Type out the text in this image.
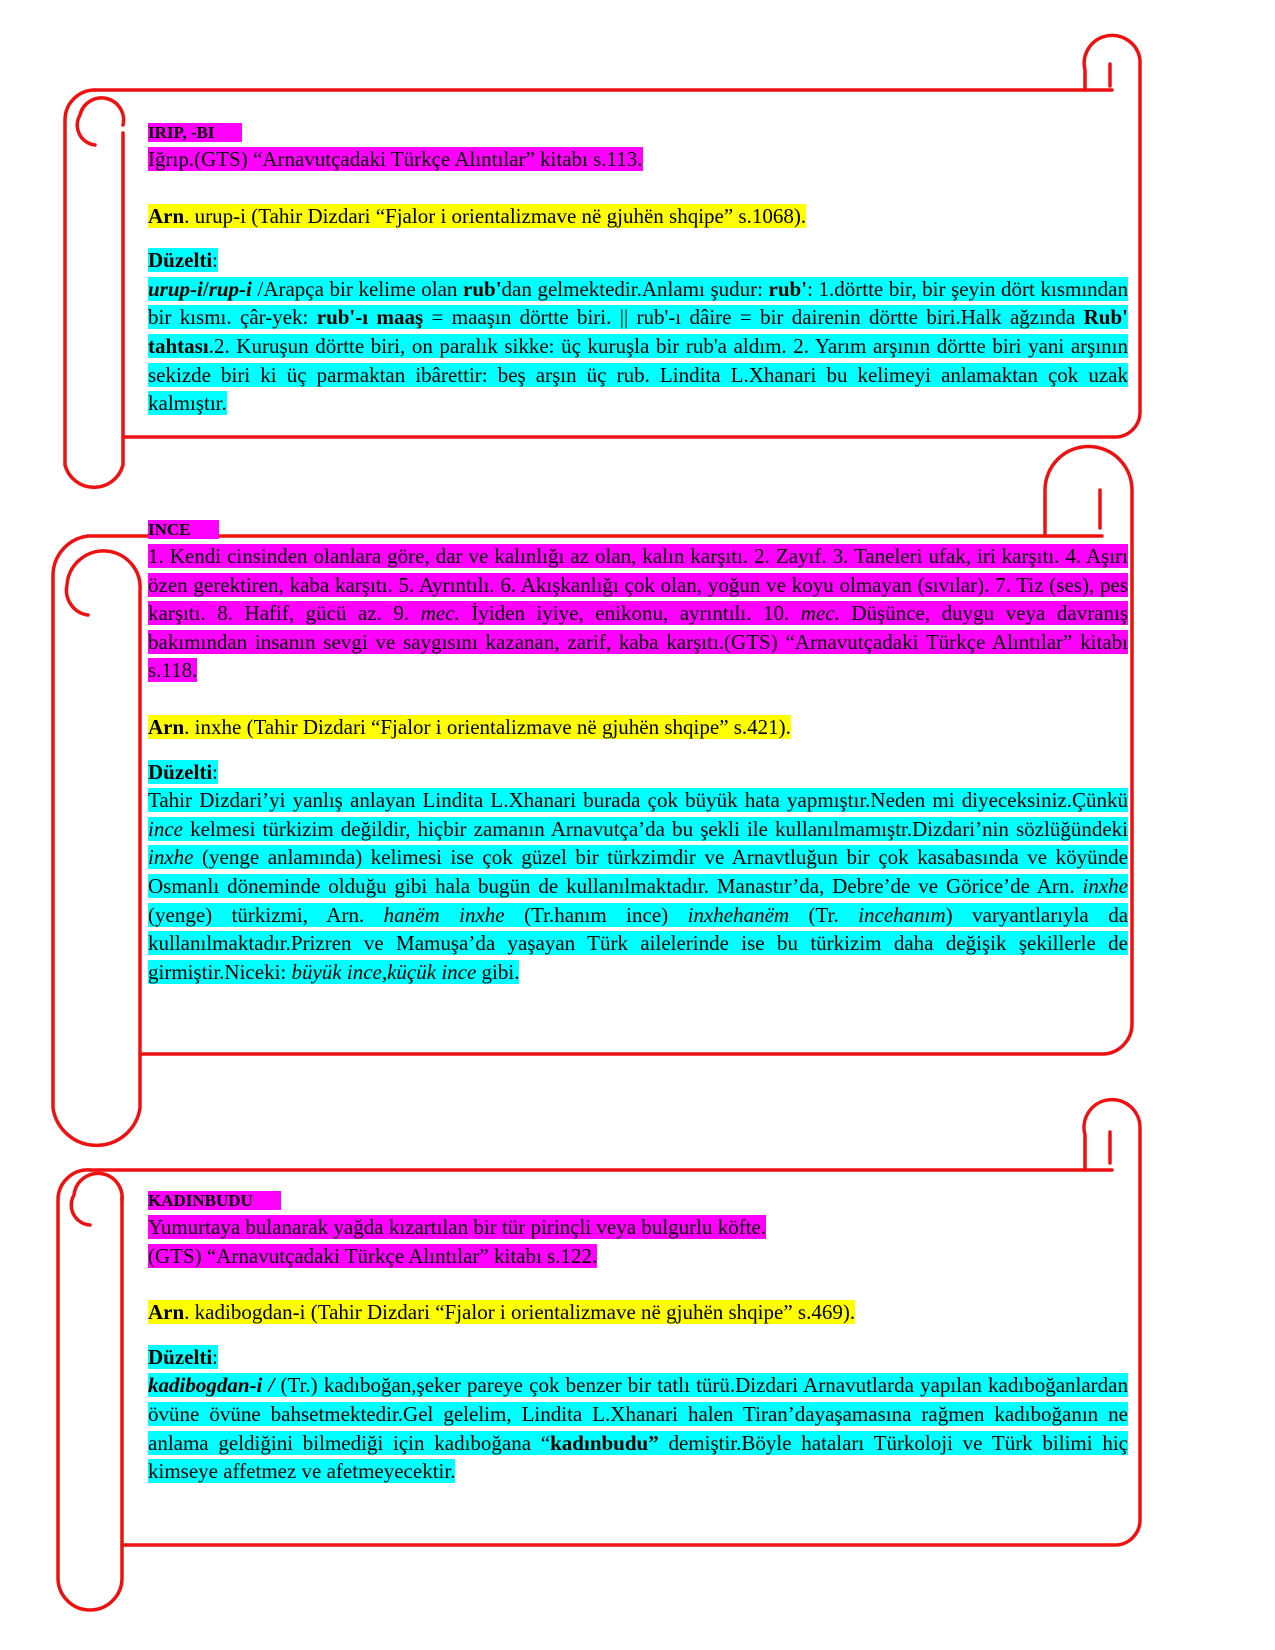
IRIP, -BI

Iğrıp.(GTS) “Arnavutçadaki Türkçe Alıntılar” kitabı s.113.

Arn. urup-i (Tahir Dizdari “Fjalor i orientalizmave në gjuhën shqipe” s.1068).

Düzelti:

urup-i/rup-i /Arapça bir kelime olan rub'dan gelmektedir.Anlamı şudur: rub': 1.dörtte bir, bir şeyin dört kısmından bir kısmı. çâr-yek: rub'-ı maaş = maaşın dörtte biri. || rub'-ı dâire = bir dairenin dörtte biri.Halk ağzında Rub' tahtası.2. Kuruşun dörtte biri, on paralık sikke: üç kuruşla bir rub'a aldım. 2. Yarım arşının dörtte biri yani arşının sekizde biri ki üç parmaktan ibârettir: beş arşın üç rub. Lindita L.Xhanari bu kelimeyi anlamaktan çok uzak kalmıştır.

INCE

1. Kendi cinsinden olanlara göre, dar ve kalınlığı az olan, kalın karşıtı. 2. Zayıf. 3. Taneleri ufak, iri karşıtı. 4. Aşırı özen gerektiren, kaba karşıtı. 5. Ayrıntılı. 6. Akışkanlığı çok olan, yoğun ve koyu olmayan (sıvılar). 7. Tiz (ses), pes karşıtı. 8. Hafif, gücü az. 9. mec. İyiden iyiye, enikonu, ayrıntılı. 10. mec. Düşünce, duygu veya davranış bakımından insanın sevgi ve saygısını kazanan, zarif, kaba karşıtı.(GTS) “Arnavutçadaki Türkçe Alıntılar” kitabı s.118.

Arn. inxhe (Tahir Dizdari “Fjalor i orientalizmave në gjuhën shqipe” s.421).

Düzelti:

Tahir Dizdari’yi yanlış anlayan Lindita L.Xhanari burada çok büyük hata yapmıştır.Neden mi diyeceksiniz.Çünkü ince kelmesi türkizim değildir, hiçbir zamanın Arnavutça’da bu şekli ile kullanılmamıştr.Dizdari’nin sözlüğündeki inxhe (yenge anlamında) kelimesi ise çok güzel bir türkzimdir ve Arnavtluğun bir çok kasabasında ve köyünde Osmanlı döneminde olduğu gibi hala bugün de kullanılmaktadır. Manastır’da, Debre’de ve Görice’de Arn. inxhe (yenge) türkizmi, Arn. hanëm inxhe (Tr.hanım ince) inxhehanëm (Tr. incehanım) varyantlarıyla da kullanılmaktadır.Prizren ve Mamuşa’da yaşayan Türk ailelerinde ise bu türkizim daha değişik şekillerle de girmiştir.Niceki: büyük ince,küçük ince gibi.

KADINBUDU

Yumurtaya bulanarak yağda kızartılan bir tür pirinçli veya bulgurlu köfte.

(GTS) “Arnavutçadaki Türkçe Alıntılar” kitabı s.122.

Arn. kadibogdan-i (Tahir Dizdari “Fjalor i orientalizmave në gjuhën shqipe” s.469).

Düzelti:

kadibogdan-i / (Tr.) kadıboğan,şeker pareye çok benzer bir tatlı türü.Dizdari Arnavutlarda yapılan kadıboğanlardan övüne övüne bahsetmektedir.Gel gelelim, Lindita L.Xhanari halen Tiran’dayaşamasına rağmen kadıboğanın ne anlama geldiğini bilmediği için kadıboğana “kadınbudu” demiştir.Böyle hataları Türkoloji ve Türk bilimi hiç kimseye affetmez ve afetmeyecektir.
